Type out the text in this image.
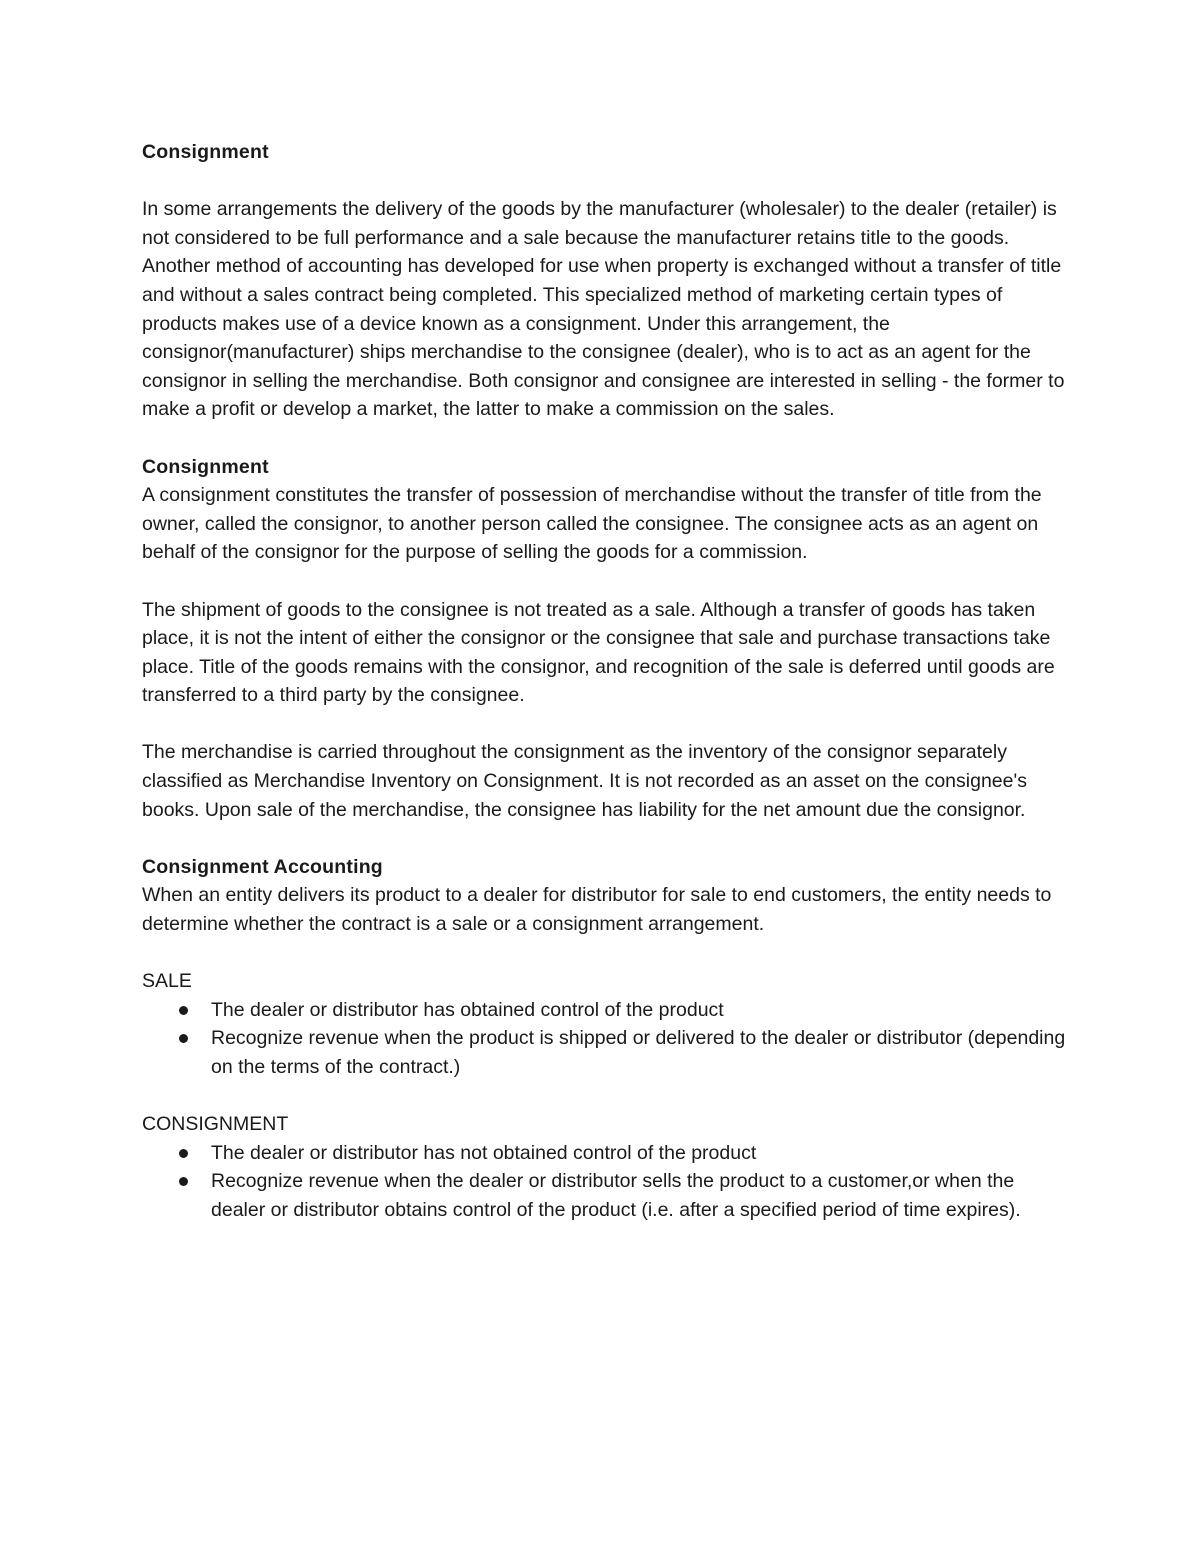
Consignment

In some arrangements the delivery of the goods by the manufacturer (wholesaler) to the dealer (retailer) is not considered to be full performance and a sale because the manufacturer retains title to the goods. Another method of accounting has developed for use when property is exchanged without a transfer of title and without a sales contract being completed. This specialized method of marketing certain types of products makes use of a device known as a consignment. Under this arrangement, the consignor(manufacturer) ships merchandise to the consignee (dealer), who is to act as an agent for the consignor in selling the merchandise. Both consignor and consignee are interested in selling - the former to make a profit or develop a market, the latter to make a commission on the sales.

Consignment

A consignment constitutes the transfer of possession of merchandise without the transfer of title from the owner, called the consignor, to another person called the consignee. The consignee acts as an agent on behalf of the consignor for the purpose of selling the goods for a commission.

The shipment of goods to the consignee is not treated as a sale. Although a transfer of goods has taken place, it is not the intent of either the consignor or the consignee that sale and purchase transactions take place. Title of the goods remains with the consignor, and recognition of the sale is deferred until goods are transferred to a third party by the consignee.

The merchandise is carried throughout the consignment as the inventory of the consignor separately classified as Merchandise Inventory on Consignment. It is not recorded as an asset on the consignee's books. Upon sale of the merchandise, the consignee has liability for the net amount due the consignor.

Consignment Accounting

When an entity delivers its product to a dealer for distributor for sale to end customers, the entity needs to determine whether the contract is a sale or a consignment arrangement.

SALE

The dealer or distributor has obtained control of the product
Recognize revenue when the product is shipped or delivered to the dealer or distributor (depending on the terms of the contract.)

CONSIGNMENT

The dealer or distributor has not obtained control of the product
Recognize revenue when the dealer or distributor sells the product to a customer,or when the dealer or distributor obtains control of the product (i.e. after a specified period of time expires).
